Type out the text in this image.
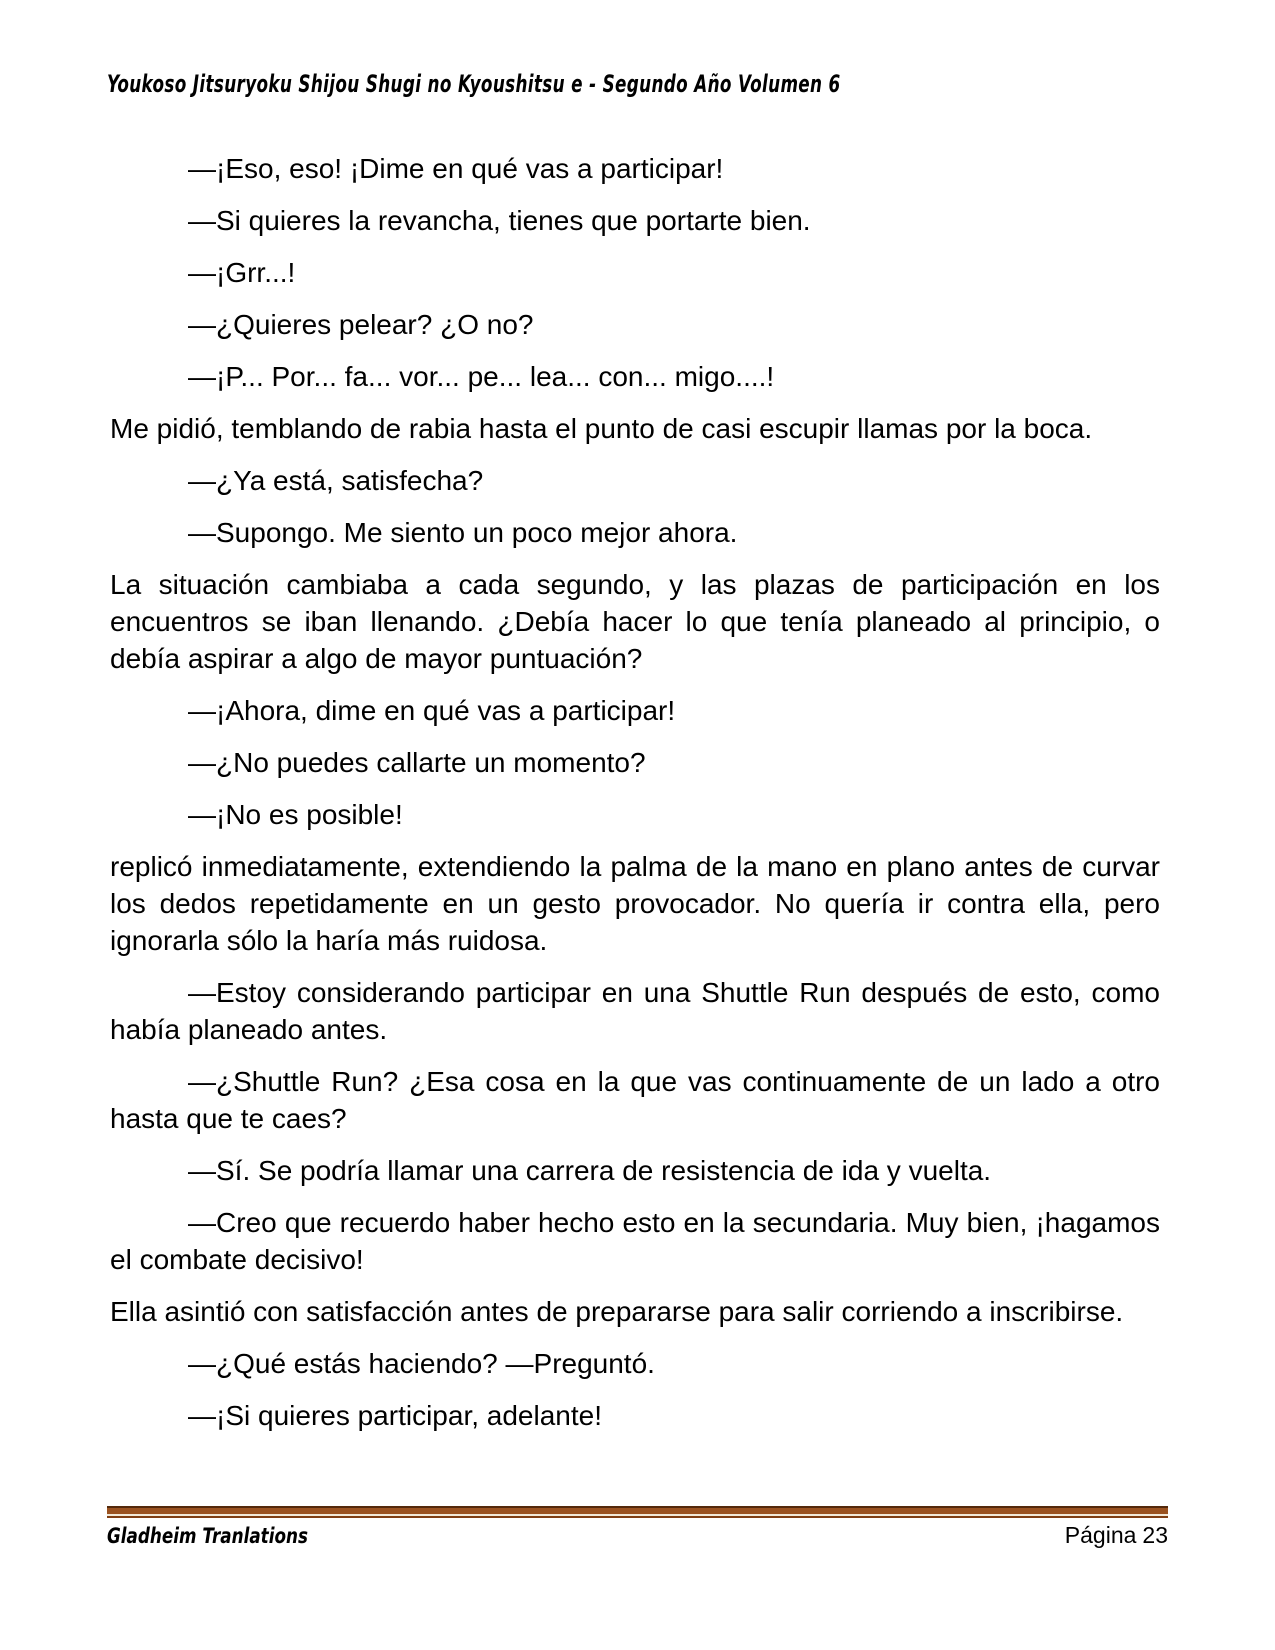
Youkoso Jitsuryoku Shijou Shugi no Kyoushitsu e - Segundo Año Volumen 6

—¡Eso, eso! ¡Dime en qué vas a participar!

—Si quieres la revancha, tienes que portarte bien.

—¡Grr...!

—¿Quieres pelear? ¿O no?

—¡P... Por... fa... vor... pe... lea... con... migo....!

Me pidió, temblando de rabia hasta el punto de casi escupir llamas por la boca.

—¿Ya está, satisfecha?

—Supongo. Me siento un poco mejor ahora.

La situación cambiaba a cada segundo, y las plazas de participación en los encuentros se iban llenando. ¿Debía hacer lo que tenía planeado al principio, o debía aspirar a algo de mayor puntuación?

—¡Ahora, dime en qué vas a participar!

—¿No puedes callarte un momento?

—¡No es posible!

replicó inmediatamente, extendiendo la palma de la mano en plano antes de curvar los dedos repetidamente en un gesto provocador. No quería ir contra ella, pero ignorarla sólo la haría más ruidosa.

—Estoy considerando participar en una Shuttle Run después de esto, como había planeado antes.

—¿Shuttle Run? ¿Esa cosa en la que vas continuamente de un lado a otro hasta que te caes?

—Sí. Se podría llamar una carrera de resistencia de ida y vuelta.

—Creo que recuerdo haber hecho esto en la secundaria. Muy bien, ¡hagamos el combate decisivo!

Ella asintió con satisfacción antes de prepararse para salir corriendo a inscribirse.

—¿Qué estás haciendo? —Preguntó.

—¡Si quieres participar, adelante!

Gladheim Tranlations	Página 23
